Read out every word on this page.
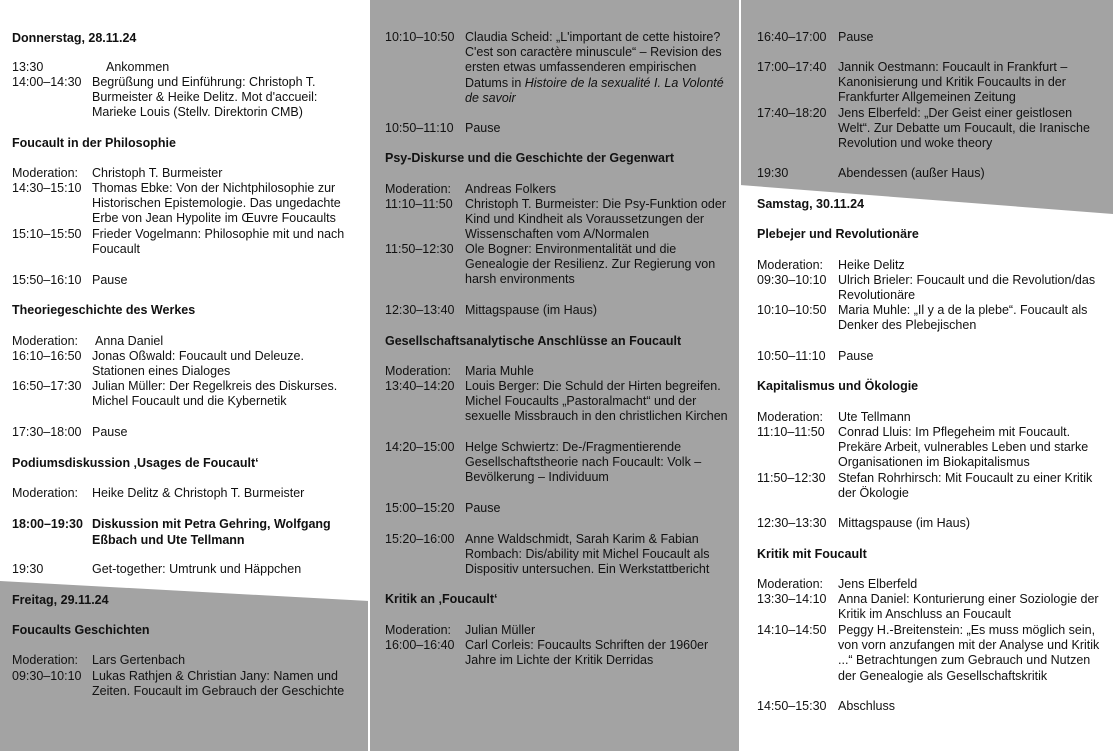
Donnerstag, 28.11.24
13:30	Ankommen
14:00–14:30 Begrüßung und Einführung: Christoph T. Burmeister & Heike Delitz. Mot d'accueil: Marieke Louis (Stellv. Direktorin CMB)
Foucault in der Philosophie
Moderation:	Christoph T. Burmeister
14:30–15:10 Thomas Ebke: Von der Nichtphilosophie zur Historischen Epistemologie. Das ungedachte Erbe von Jean Hypolite im Œuvre Foucaults
15:10–15:50 Frieder Vogelmann: Philosophie mit und nach Foucault
15:50–16:10 Pause
Theoriegeschichte des Werkes
Moderation:	Anna Daniel
16:10–16:50 Jonas Oßwald: Foucault und Deleuze. Stationen eines Dialoges
16:50–17:30 Julian Müller: Der Regelkreis des Diskurses. Michel Foucault und die Kybernetik
17:30–18:00 Pause
Podiumsdiskussion ‚Usages de Foucault‘
Moderation:	Heike Delitz & Christoph T. Burmeister
18:00–19:30 Diskussion mit Petra Gehring, Wolfgang Eßbach und Ute Tellmann
19:30	Get-together: Umtrunk und Häppchen
Freitag, 29.11.24
Foucaults Geschichten
Moderation:	Lars Gertenbach
09:30–10:10 Lukas Rathjen & Christian Jany: Namen und Zeiten. Foucault im Gebrauch der Geschichte
10:10–10:50 Claudia Scheid: „L'important de cette histoire? C'est son caractère minuscule“ – Revision des ersten etwas umfassenderen empirischen Datums in Histoire de la sexualité I. La Volonté de savoir
10:50–11:10 Pause
Psy-Diskurse und die Geschichte der Gegenwart
Moderation:	Andreas Folkers
11:10–11:50 Christoph T. Burmeister: Die Psy-Funktion oder Kind und Kindheit als Voraussetzungen der Wissenschaften vom A/Normalen
11:50–12:30 Ole Bogner: Environmentalität und die Genealogie der Resilienz. Zur Regierung von harsh environments
12:30–13:40 Mittagspause (im Haus)
Gesellschaftsanalytische Anschlüsse an Foucault
Moderation:	Maria Muhle
13:40–14:20 Louis Berger: Die Schuld der Hirten begreifen. Michel Foucaults „Pastoralmacht“ und der sexuelle Missbrauch in den christlichen Kirchen
14:20–15:00 Helge Schwiertz: De-/Fragmentierende Gesellschaftstheorie nach Foucault: Volk – Bevölkerung – Individuum
15:00–15:20 Pause
15:20–16:00 Anne Waldschmidt, Sarah Karim & Fabian Rombach: Dis/ability mit Michel Foucault als Dispositiv untersuchen. Ein Werkstattbericht
Kritik an ‚Foucault‘
Moderation:	Julian Müller
16:00–16:40 Carl Corleis: Foucaults Schriften der 1960er Jahre im Lichte der Kritik Derridas
16:40–17:00 Pause
17:00–17:40 Jannik Oestmann: Foucault in Frankfurt – Kanonisierung und Kritik Foucaults in der Frankfurter Allgemeinen Zeitung
17:40–18:20 Jens Elberfeld: „Der Geist einer geistlosen Welt“. Zur Debatte um Foucault, die Iranische Revolution und woke theory
19:30	Abendessen (außer Haus)
Samstag, 30.11.24
Plebejer und Revolutionäre
Moderation:	Heike Delitz
09:30–10:10 Ulrich Brieler: Foucault und die Revolution/das Revolutionäre
10:10–10:50 Maria Muhle: „Il y a de la plebe“. Foucault als Denker des Plebejischen
10:50–11:10 Pause
Kapitalismus und Ökologie
Moderation:	Ute Tellmann
11:10–11:50	Conrad Lluis: Im Pflegeheim mit Foucault. Prekäre Arbeit, vulnerables Leben und starke Organisationen im Biokapitalismus
11:50–12:30 Stefan Rohrhirsch: Mit Foucault zu einer Kritik der Ökologie
12:30–13:30 Mittagspause (im Haus)
Kritik mit Foucault
Moderation:	Jens Elberfeld
13:30–14:10 Anna Daniel: Konturierung einer Soziologie der Kritik im Anschluss an Foucault
14:10–14:50 Peggy H.-Breitenstein: „Es muss möglich sein, von vorn anzufangen mit der Analyse und Kritik ...“ Betrachtungen zum Gebrauch und Nutzen der Genealogie als Gesellschaftskritik
14:50–15:30 Abschluss
